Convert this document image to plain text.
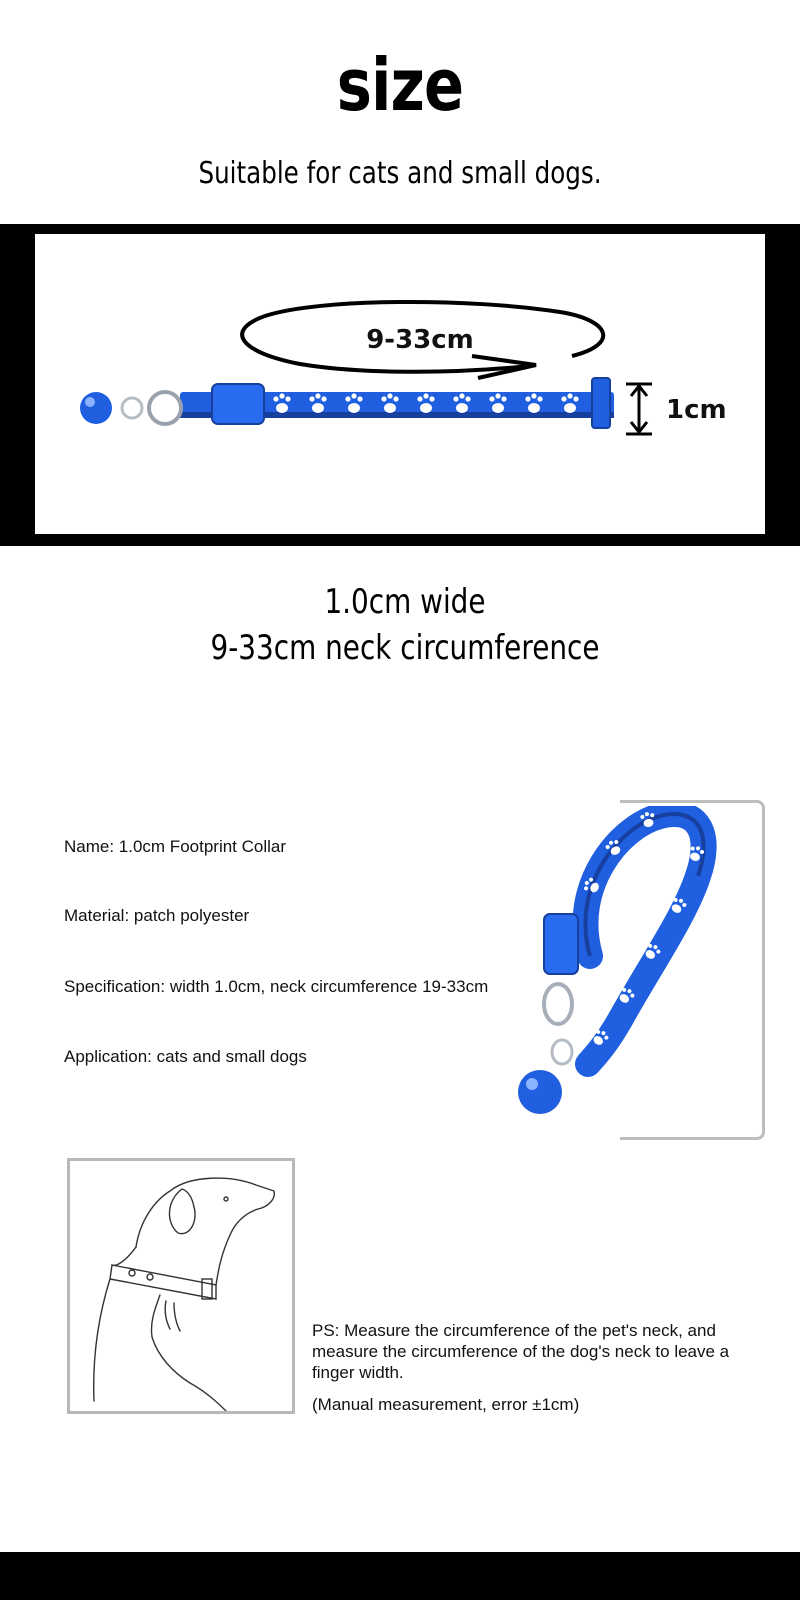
size
Suitable for cats and small dogs.
9-33cm
1cm
1.0cm wide
9-33cm neck circumference
Name: 1.0cm Footprint Collar
Material: patch polyester
Specification: width 1.0cm, neck circumference 19-33cm
Application: cats and small dogs
PS: Measure the circumference of the pet's neck, and measure the circumference of the dog's neck to leave a finger width.
(Manual measurement, error ±1cm)
